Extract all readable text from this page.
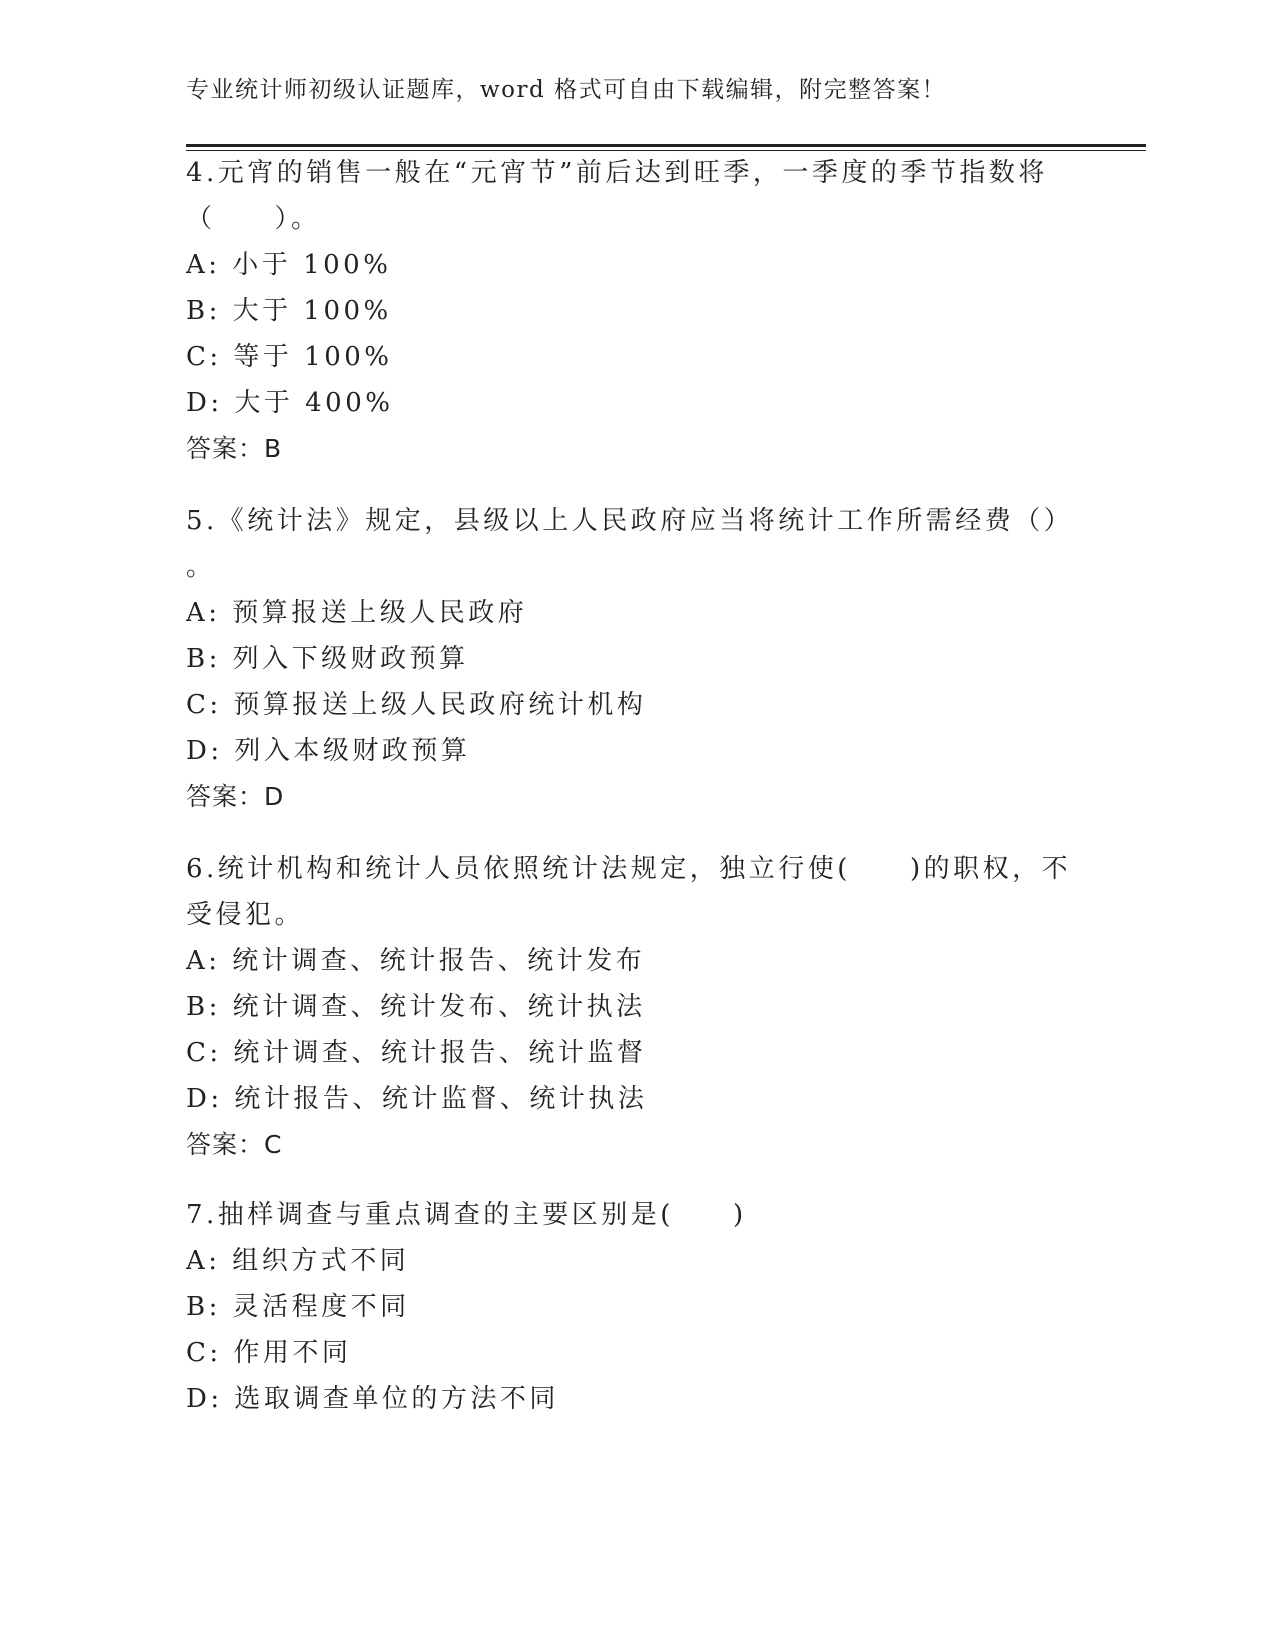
专业统计师初级认证题库，word 格式可自由下载编辑，附完整答案！

4.元宵的销售一般在“元宵节”前后达到旺季，一季度的季节指数将

（　　）。

A: 小于 100%
B: 大于 100%
C: 等于 100%
D: 大于 400%
答案：B

5.《统计法》规定，县级以上人民政府应当将统计工作所需经费（）

。

A: 预算报送上级人民政府
B: 列入下级财政预算
C: 预算报送上级人民政府统计机构
D: 列入本级财政预算
答案：D

6.统计机构和统计人员依照统计法规定，独立行使(　　)的职权，不

受侵犯。

A: 统计调查、统计报告、统计发布
B: 统计调查、统计发布、统计执法
C: 统计调查、统计报告、统计监督
D: 统计报告、统计监督、统计执法
答案：C

7.抽样调查与重点调查的主要区别是(　　)

A: 组织方式不同
B: 灵活程度不同
C: 作用不同
D: 选取调查单位的方法不同
